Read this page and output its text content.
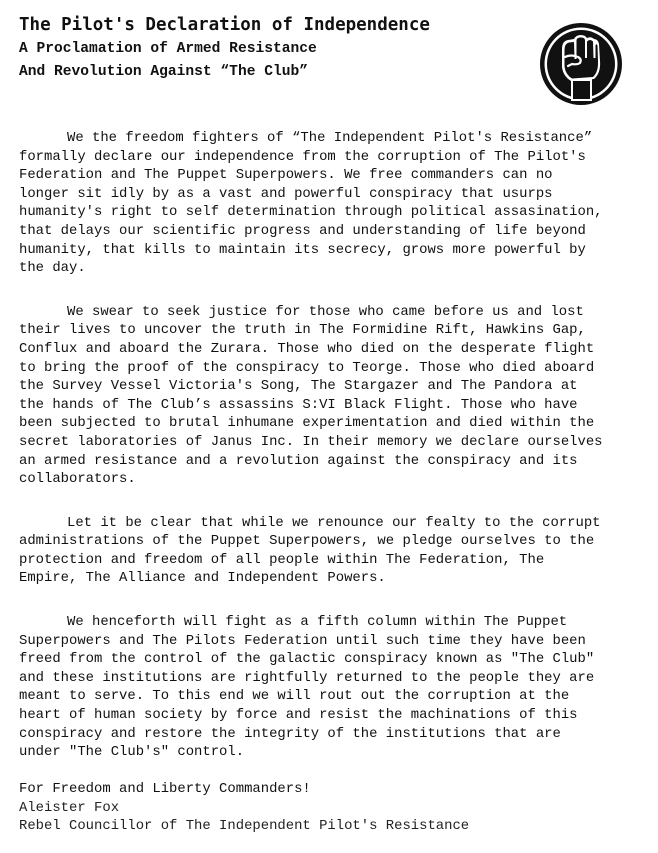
The Pilot's Declaration of Independence
A Proclamation of Armed Resistance
And Revolution Against “The Club”
We the freedom fighters of “The Independent Pilot's Resistance”
formally declare our independence from the corruption of The Pilot's
Federation and The Puppet Superpowers. We free commanders can no
longer sit idly by as a vast and powerful conspiracy that usurps
humanity's right to self determination through political assasination,
that delays our scientific progress and understanding of life beyond
humanity, that kills to maintain its secrecy, grows more powerful by
the day.
We swear to seek justice for those who came before us and lost
their lives to uncover the truth in The Formidine Rift, Hawkins Gap,
Conflux and aboard the Zurara. Those who died on the desperate flight
to bring the proof of the conspiracy to Teorge. Those who died aboard
the Survey Vessel Victoria's Song, The Stargazer and The Pandora at
the hands of The Club’s assassins S:VI Black Flight. Those who have
been subjected to brutal inhumane experimentation and died within the
secret laboratories of Janus Inc. In their memory we declare ourselves
an armed resistance and a revolution against the conspiracy and its
collaborators.
Let it be clear that while we renounce our fealty to the corrupt
administrations of the Puppet Superpowers, we pledge ourselves to the
protection and freedom of all people within The Federation, The
Empire, The Alliance and Independent Powers.
We henceforth will fight as a fifth column within The Puppet
Superpowers and The Pilots Federation until such time they have been
freed from the control of the galactic conspiracy known as "The Club"
and these institutions are rightfully returned to the people they are
meant to serve. To this end we will rout out the corruption at the
heart of human society by force and resist the machinations of this
conspiracy and restore the integrity of the institutions that are
under "The Club's" control.
For Freedom and Liberty Commanders!
Aleister Fox
Rebel Councillor of The Independent Pilot's Resistance
